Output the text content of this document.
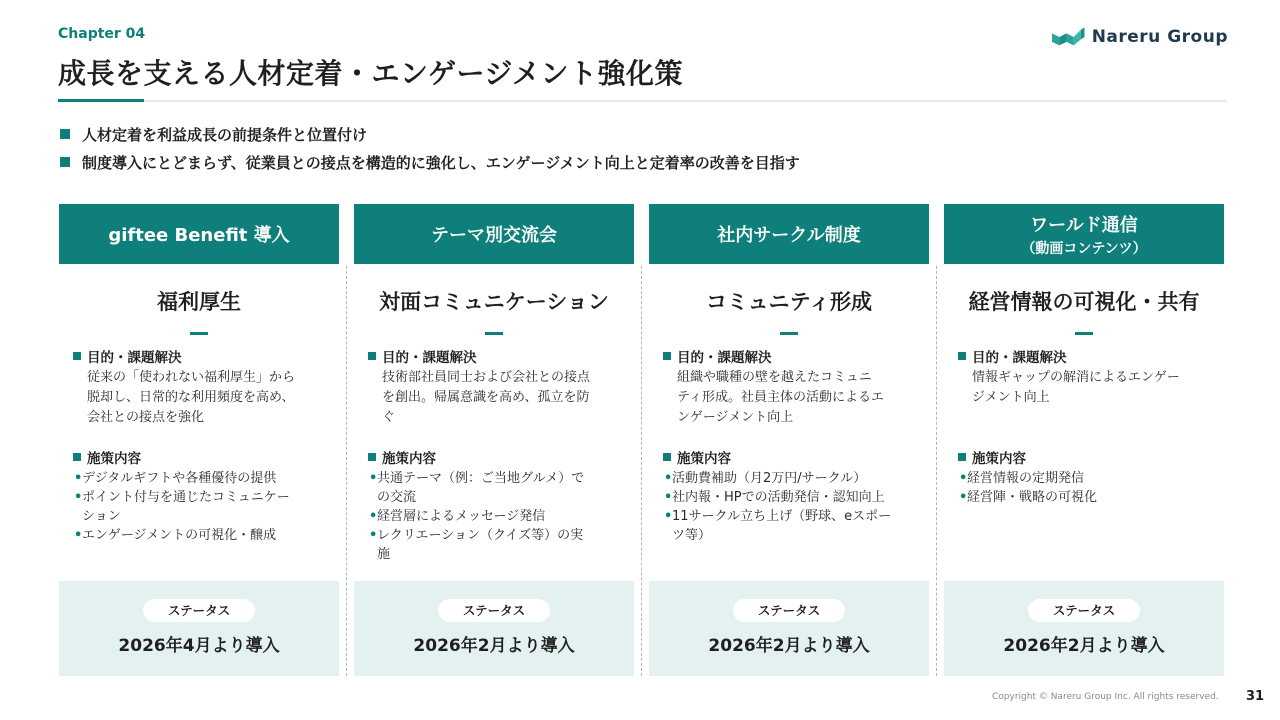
Chapter 04
成長を支える人材定着・エンゲージメント強化策
Nareru Group
人材定着を利益成長の前提条件と位置付け
制度導入にとどまらず、従業員との接点を構造的に強化し、エンゲージメント向上と定着率の改善を目指す
giftee Benefit 導入
福利厚生
目的・課題解決
従来の「使われない福利厚生」から
脱却し、日常的な利用頻度を高め、
会社との接点を強化
施策内容
• デジタルギフトや各種優待の提供
• ポイント付与を通じたコミュニケー
ション
• エンゲージメントの可視化・醸成
ステータス
2026年4月より導入
テーマ別交流会
対面コミュニケーション
目的・課題解決
技術部社員同士および会社との接点
を創出。帰属意識を高め、孤立を防
ぐ
施策内容
• 共通テーマ（例：ご当地グルメ）で
の交流
• 経営層によるメッセージ発信
• レクリエーション（クイズ等）の実
施
ステータス
2026年2月より導入
社内サークル制度
コミュニティ形成
目的・課題解決
組織や職種の壁を越えたコミュニ
ティ形成。社員主体の活動によるエ
ンゲージメント向上
施策内容
• 活動費補助（月2万円/サークル）
• 社内報・HPでの活動発信・認知向上
• 11サークル立ち上げ（野球、eスポー
ツ等）
ステータス
2026年2月より導入
ワールド通信
（動画コンテンツ）
経営情報の可視化・共有
目的・課題解決
情報ギャップの解消によるエンゲー
ジメント向上
施策内容
• 経営情報の定期発信
• 経営陣・戦略の可視化
ステータス
2026年2月より導入
Copyright © Nareru Group Inc. All rights reserved. 31
